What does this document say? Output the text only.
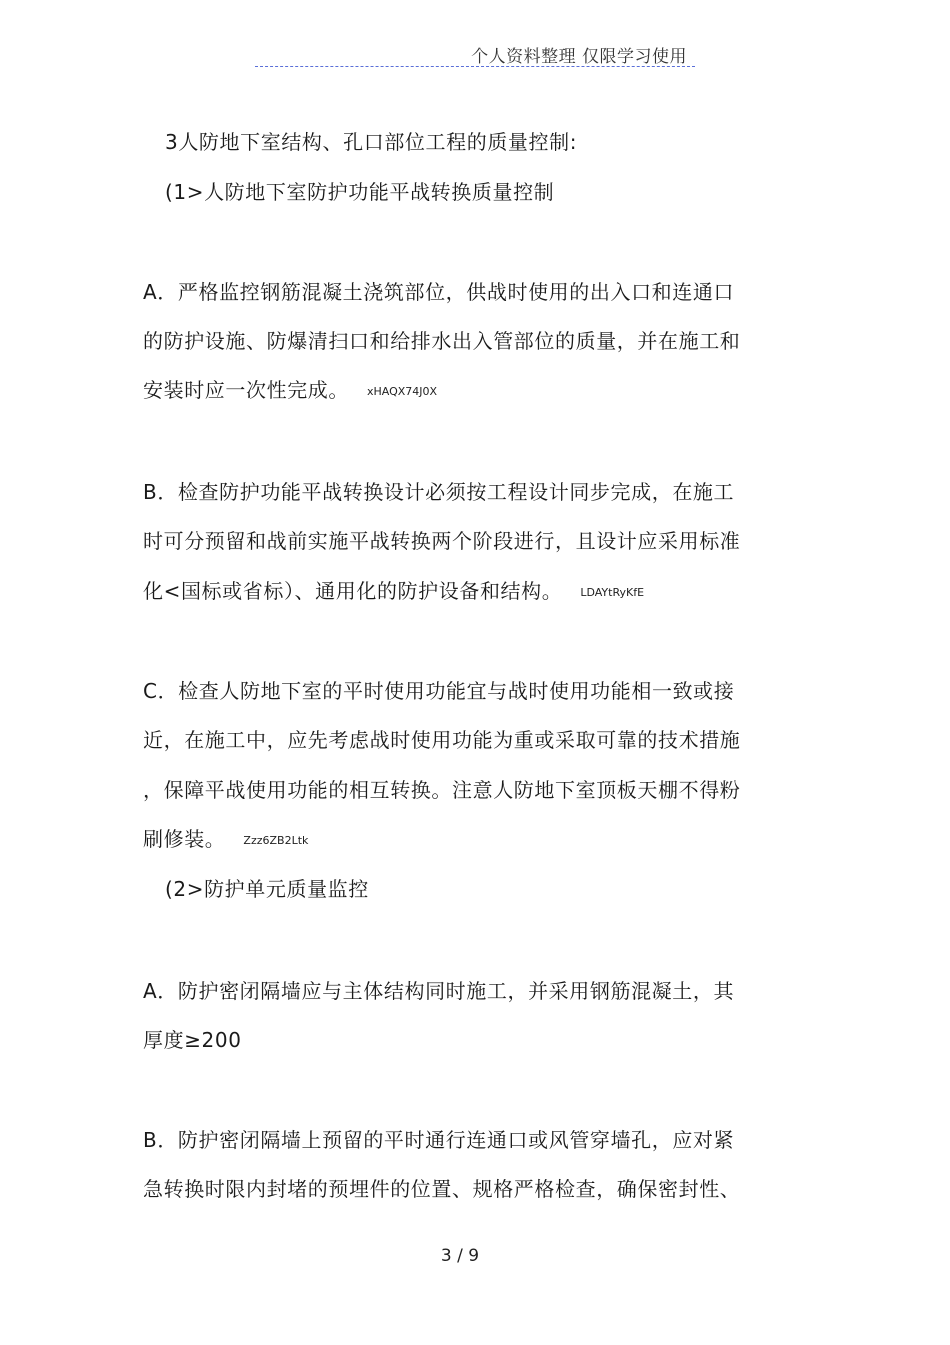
个人资料整理 仅限学习使用
3人防地下室结构、孔口部位工程的质量控制:
(1>人防地下室防护功能平战转换质量控制
A．严格监控钢筋混凝土浇筑部位，供战时使用的出入口和连通口
的防护设施、防爆清扫口和给排水出入管部位的质量，并在施工和
安装时应一次性完成。 xHAQX74J0X
B．检查防护功能平战转换设计必须按工程设计同步完成，在施工
时可分预留和战前实施平战转换两个阶段进行，且设计应采用标准
化<国标或省标）、通用化的防护设备和结构。 LDAYtRyKfE
C．检查人防地下室的平时使用功能宜与战时使用功能相一致或接
近，在施工中，应先考虑战时使用功能为重或采取可靠的技术措施
，保障平战使用功能的相互转换。注意人防地下室顶板天棚不得粉
刷修装。 Zzz6ZB2Ltk
(2>防护单元质量监控
A．防护密闭隔墙应与主体结构同时施工，并采用钢筋混凝土，其
厚度≥200
B．防护密闭隔墙上预留的平时通行连通口或风管穿墙孔，应对紧
急转换时限内封堵的预埋件的位置、规格严格检查，确保密封性、
3 / 9
